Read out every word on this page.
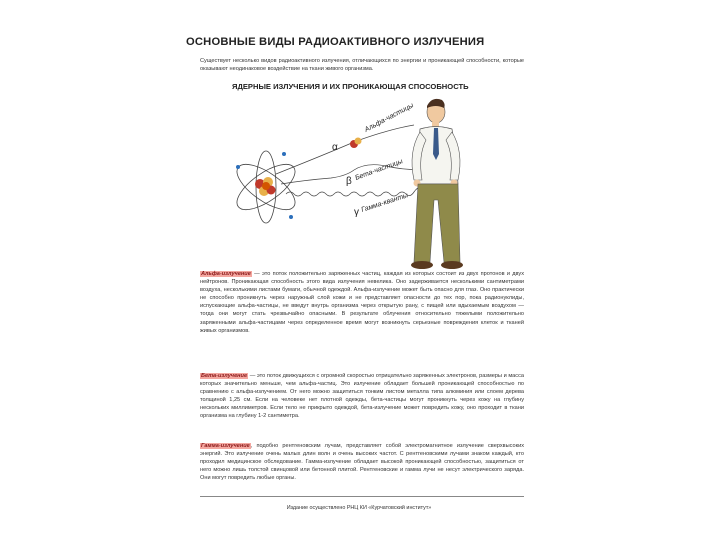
ОСНОВНЫЕ ВИДЫ РАДИОАКТИВНОГО ИЗЛУЧЕНИЯ
Существует несколько видов радиоактивного излучения, отличающихся по энергии и проникающей способности, которые оказывают неодинаковое воздействие на ткани живого организма.
ЯДЕРНЫЕ ИЗЛУЧЕНИЯ И ИХ ПРОНИКАЮЩАЯ СПОСОБНОСТЬ
α
Альфа-частицы
β Бета-частицы
γ Гамма-кванты
Альфа-излучение — это поток положительно заряженных частиц, каждая из которых состоит из двух протонов и двух нейтронов. Проникающая способность этого вида излучения невелика. Оно задерживается несколькими сантиметрами воздуха, несколькими листами бумаги, обычной одеждой. Альфа-излучение может быть опасно для глаз. Оно практически не способно проникнуть через наружный слой кожи и не представляет опасности до тех пор, пока радионуклиды, испускающие альфа-частицы, не введут внутрь организма через открытую рану, с пищей или вдыхаемым воздухом — тогда они могут стать чрезвычайно опасными. В результате облучения относительно тяжелыми положительно заряженными альфа-частицами через определенное время могут возникнуть серьезные повреждения клеток и тканей живых организмов.
Бета-излучение — это поток движущихся с огромной скоростью отрицательно заряженных электронов, размеры и масса которых значительно меньше, чем альфа-частиц. Это излучение обладает большей проникающей способностью по сравнению с альфа-излучением. От него можно защититься тонким листом металла типа алюминия или слоем дерева толщиной 1,25 см. Если на человеке нет плотной одежды, бета-частицы могут проникнуть через кожу на глубину нескольких миллиметров. Если тело не прикрыто одеждой, бета-излучение может повредить кожу, оно проходит в ткани организма на глубину 1-2 сантиметра.
Гамма-излучение, подобно рентгеновским лучам, представляет собой электромагнитное излучение сверхвысоких энергий. Это излучение очень малых длин волн и очень высоких частот. С рентгеновскими лучами знаком каждый, кто проходил медицинское обследование. Гамма-излучение обладает высокой проникающей способностью, защититься от него можно лишь толстой свинцовой или бетонной плитой. Рентгеновские и гамма лучи не несут электрического заряда. Они могут повредить любые органы.
Издание осуществлено РНЦ КИ «Курчатовский институт»
